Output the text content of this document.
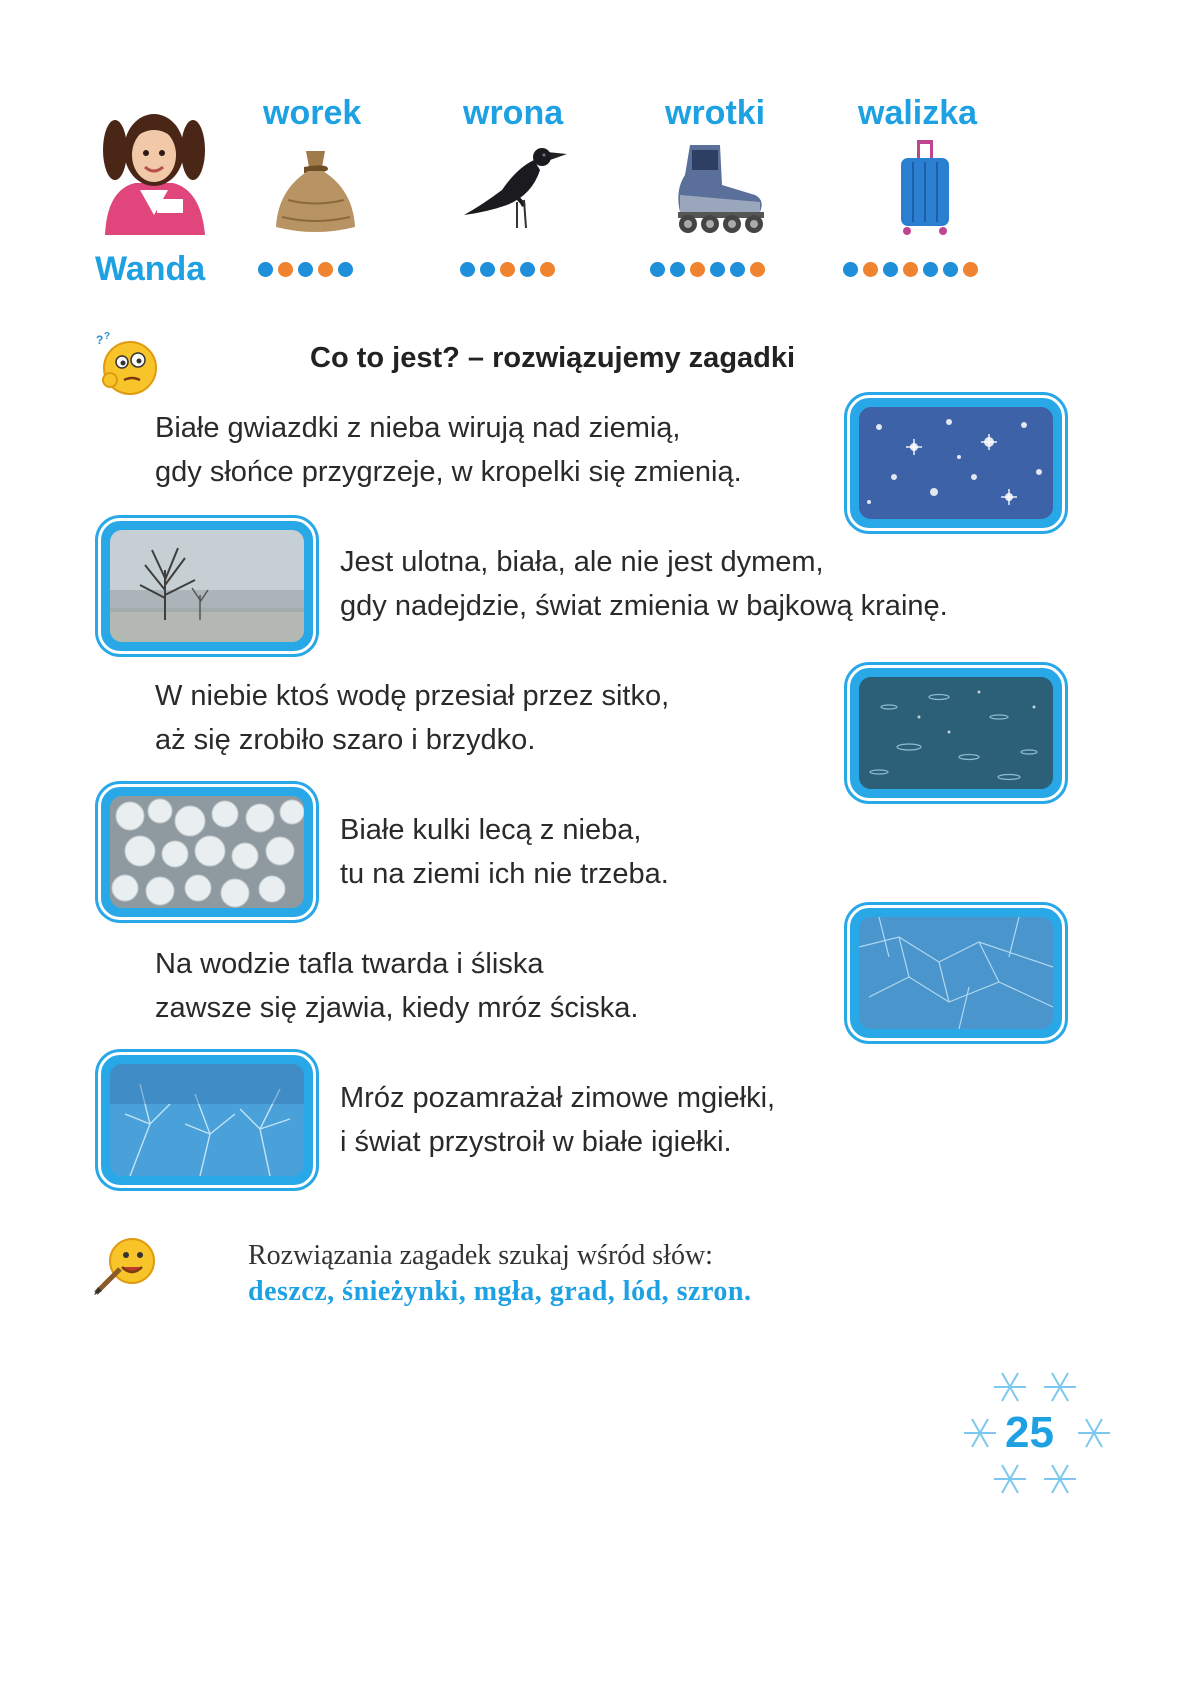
Wanda
worek	wrona	wrotki	walizka
? ?
Co to jest? – rozwiązujemy zagadki
Białe gwiazdki z nieba wirują nad ziemią,
gdy słońce przygrzeje, w kropelki się zmienią.
Jest ulotna, biała, ale nie jest dymem,
gdy nadejdzie, świat zmienia w bajkową krainę.
W niebie ktoś wodę przesiał przez sitko,
aż się zrobiło szaro i brzydko.
Białe kulki lecą z nieba,
tu na ziemi ich nie trzeba.
Na wodzie tafla twarda i śliska
zawsze się zjawia, kiedy mróz ściska.
Mróz pozamrażał zimowe mgiełki,
i świat przystroił w białe igiełki.
Rozwiązania zagadek szukaj wśród słów:
deszcz, śnieżynki, mgła, grad, lód, szron.
25
